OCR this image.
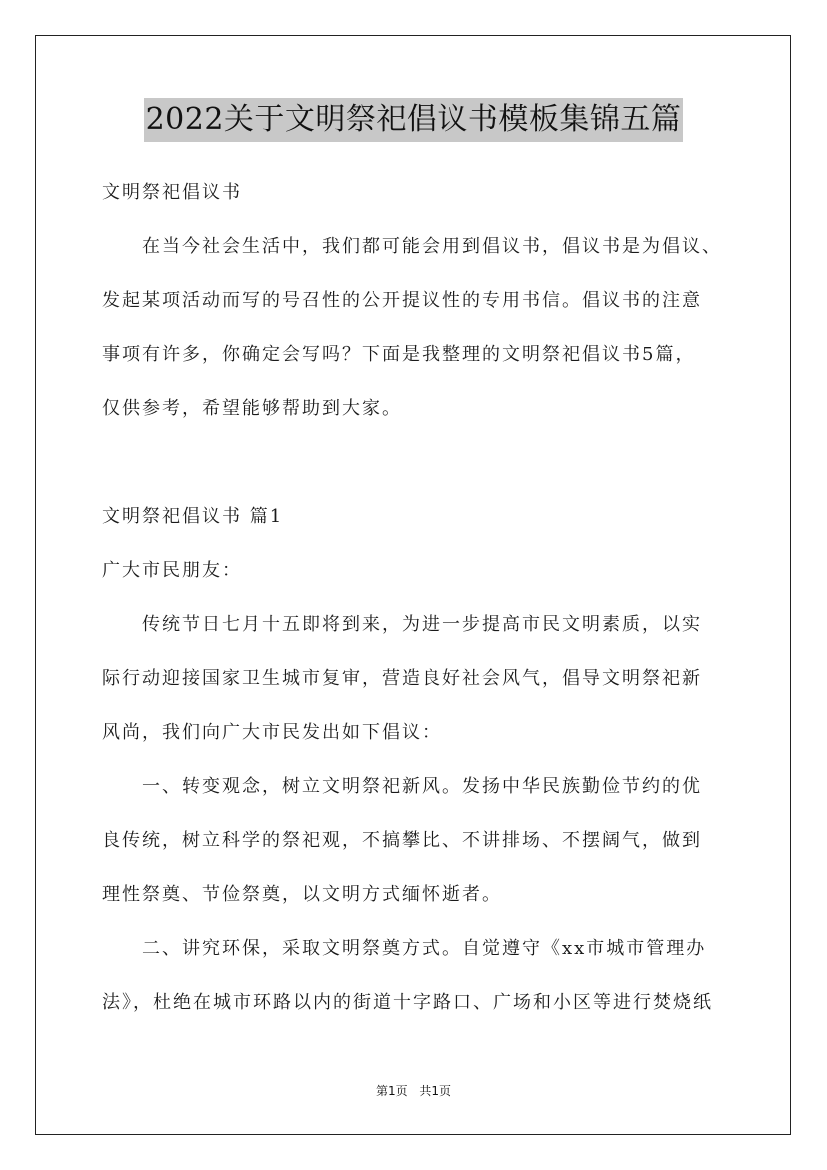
2022关于文明祭祀倡议书模板集锦五篇
文明祭祀倡议书
　　在当今社会生活中，我们都可能会用到倡议书，倡议书是为倡议、
发起某项活动而写的号召性的公开提议性的专用书信。倡议书的注意
事项有许多，你确定会写吗？下面是我整理的文明祭祀倡议书5篇，
仅供参考，希望能够帮助到大家。
文明祭祀倡议书 篇1
广大市民朋友：
　　传统节日七月十五即将到来，为进一步提高市民文明素质，以实
际行动迎接国家卫生城市复审，营造良好社会风气，倡导文明祭祀新
风尚，我们向广大市民发出如下倡议：
　　一、转变观念，树立文明祭祀新风。发扬中华民族勤俭节约的优
良传统，树立科学的祭祀观，不搞攀比、不讲排场、不摆阔气，做到
理性祭奠、节俭祭奠，以文明方式缅怀逝者。
　　二、讲究环保，采取文明祭奠方式。自觉遵守《xx市城市管理办
法》，杜绝在城市环路以内的街道十字路口、广场和小区等进行焚烧纸
第1页 共1页
